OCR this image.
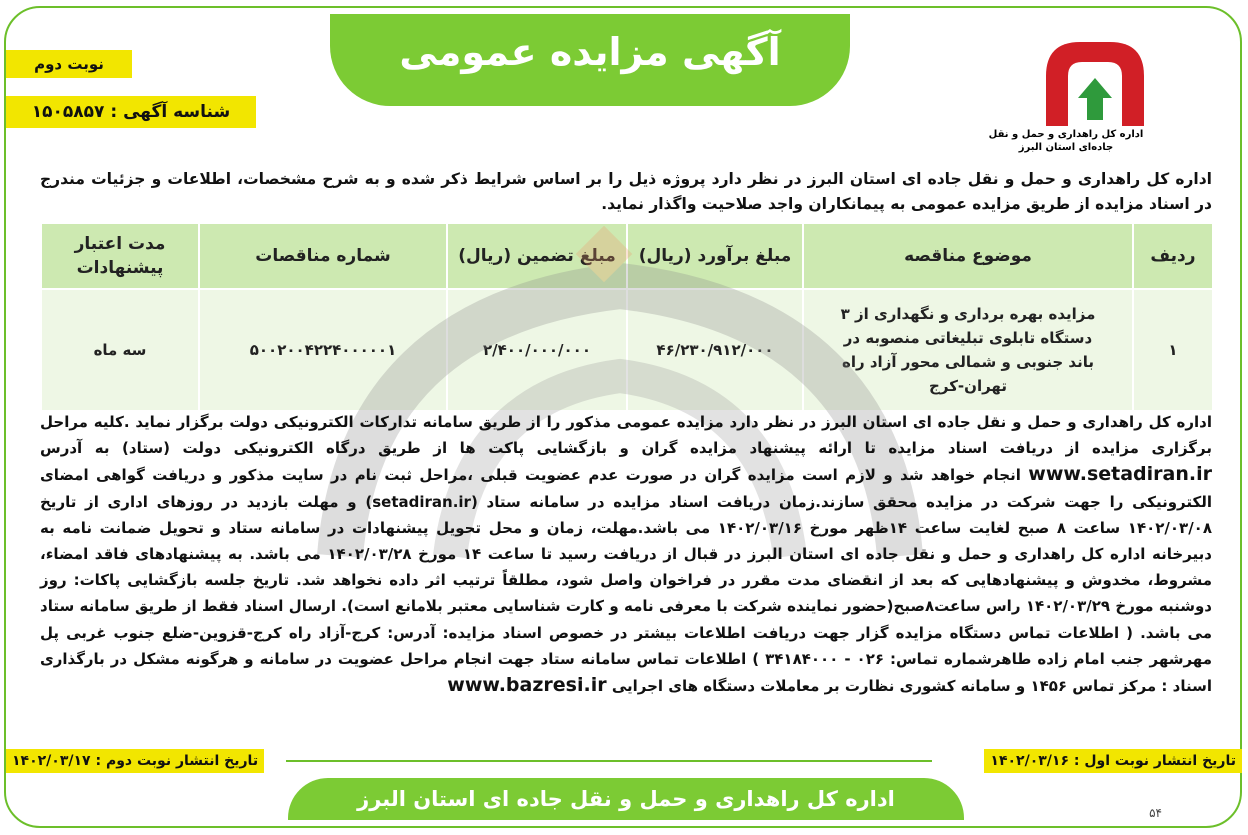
آگهی مزایده عمومی
اداره کل راهداری و حمل و نقل جاده‌ای استان البرز
نوبت دوم
شناسه آگهی : ۱۵۰۵۸۵۷
اداره کل راهداری و حمل و نقل جاده ای استان البرز در نظر دارد پروژه ذیل را بر اساس شرایط ذکر شده و به شرح مشخصات، اطلاعات و جزئیات مندرج در اسناد مزایده از طریق مزایده عمومی به پیمانکاران واجد صلاحیت واگذار نماید.
ردیف	موضوع مناقصه	مبلغ برآورد (ریال)	مبلغ تضمین (ریال)	شماره مناقصات	مدت اعتبار پیشنهادات
۱	مزایده بهره برداری و نگهداری از ۳ دستگاه تابلوی تبلیغاتی منصوبه در باند جنوبی و شمالی محور آزاد راه تهران-کرج	۴۶/۲۳۰/۹۱۲/۰۰۰	۲/۴۰۰/۰۰۰/۰۰۰	۵۰۰۲۰۰۴۲۲۴۰۰۰۰۰۱	سه ماه
اداره کل راهداری و حمل و نقل جاده ای استان البرز در نظر دارد مزایده عمومی مذکور را از طریق سامانه تدارکات الکترونیکی دولت برگزار نماید .کلیه مراحل برگزاری مزایده از دریافت اسناد مزایده تا ارائه پیشنهاد مزایده گران و بازگشایی پاکت ها از طریق درگاه الکترونیکی دولت (ستاد) به آدرس www.setadiran.ir انجام خواهد شد و لازم است مزایده گران در صورت عدم عضویت قبلی ،مراحل ثبت نام در سایت مذکور و دریافت گواهی امضای الکترونیکی را جهت شرکت در مزایده محقق سازند.زمان دریافت اسناد مزایده در سامانه ستاد (setadiran.ir) و مهلت بازدید در روزهای اداری از تاریخ ۱۴۰۲/۰۳/۰۸ ساعت ۸ صبح لغایت ساعت ۱۴ظهر مورخ ۱۴۰۲/۰۳/۱۶ می باشد.مهلت، زمان و محل تحویل پیشنهادات در سامانه ستاد و تحویل ضمانت نامه به دبیرخانه اداره کل راهداری و حمل و نقل جاده ای استان البرز در قبال از دریافت رسید تا ساعت ۱۴ مورخ ۱۴۰۲/۰۳/۲۸ می باشد. به پیشنهادهای فاقد امضاء، مشروط، مخدوش و پیشنهادهایی که بعد از انقضای مدت مقرر در فراخوان واصل شود، مطلقاً ترتیب اثر داده نخواهد شد. تاریخ جلسه بازگشایی پاکات: روز دوشنبه مورخ ۱۴۰۲/۰۳/۲۹ راس ساعت۸صبح(حضور نماینده شرکت با معرفی نامه و کارت شناسایی معتبر بلامانع است). ارسال اسناد فقط از طریق سامانه ستاد می باشد. ( اطلاعات تماس دستگاه مزایده گزار جهت دریافت اطلاعات بیشتر در خصوص اسناد مزایده: آدرس: کرج-آزاد راه کرج-قزوین-ضلع جنوب غربی پل مهرشهر جنب امام زاده طاهرشماره تماس: ۰۲۶ - ۳۴۱۸۴۰۰۰ ) اطلاعات تماس سامانه ستاد جهت انجام مراحل عضویت در سامانه و هرگونه مشکل در بارگذاری اسناد : مرکز تماس ۱۴۵۶ و سامانه کشوری نظارت بر معاملات دستگاه های اجرایی www.bazresi.ir
تاریخ انتشار نوبت اول : ۱۴۰۲/۰۳/۱۶
تاریخ انتشار نوبت دوم : ۱۴۰۲/۰۳/۱۷
اداره کل راهداری و حمل و نقل جاده ای استان البرز
۵۴
